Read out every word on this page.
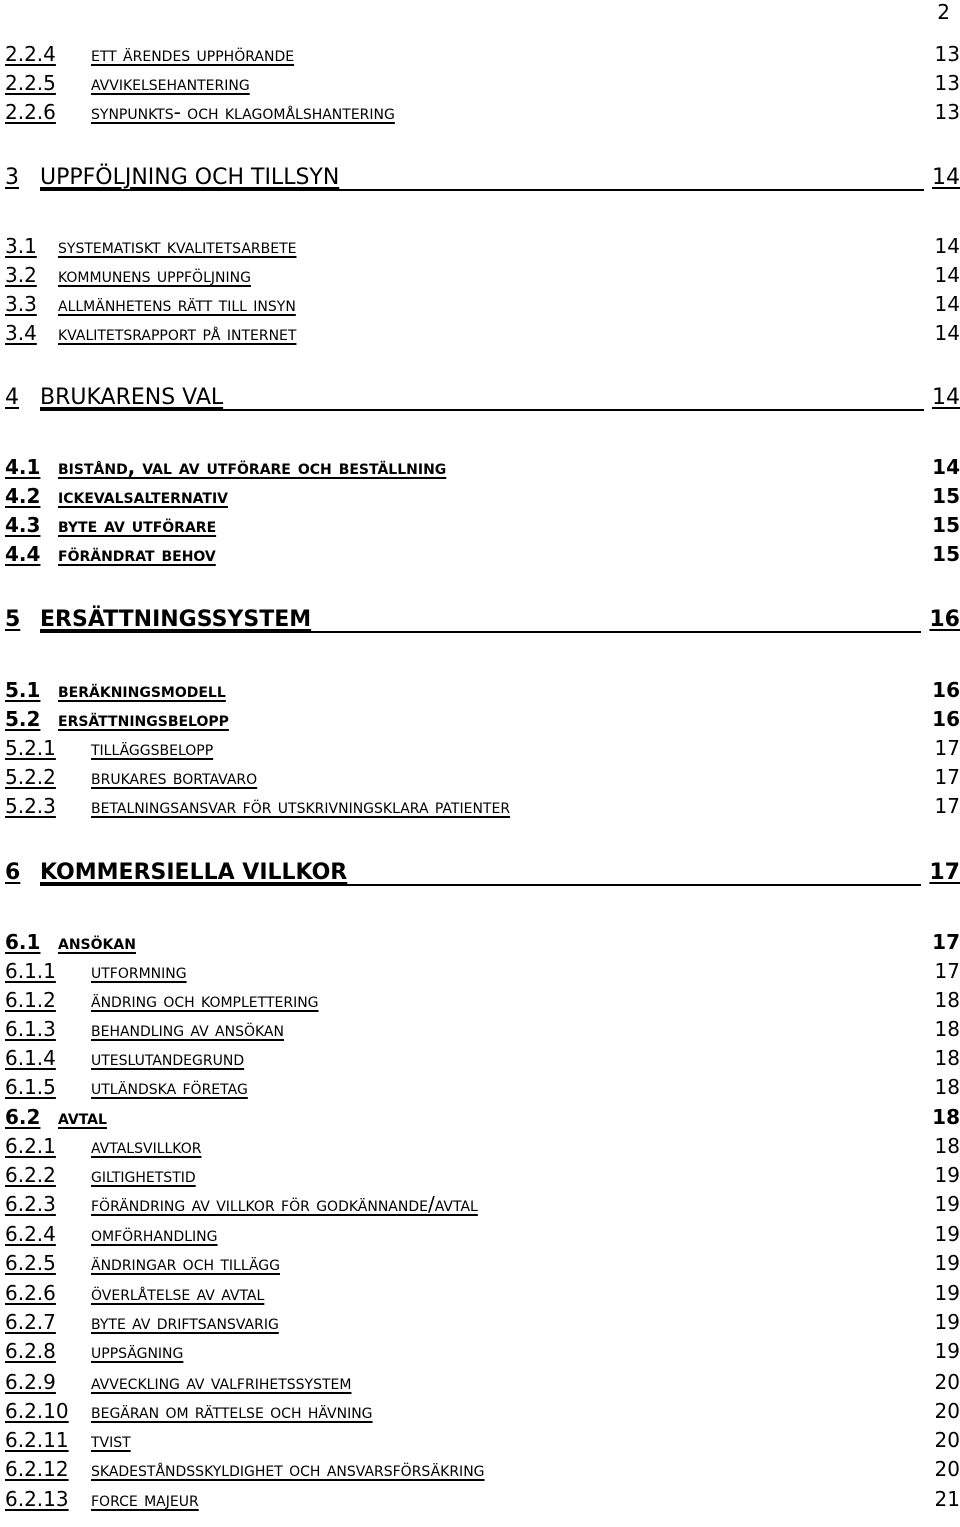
2
2.2.4	ett ärendes upphörande	13
2.2.5	avvikelsehantering	13
2.2.6	synpunkts- och klagomålshantering	13
3 UPPFÖLJNING OCH TILLSYN	14
3.1	systematiskt kvalitetsarbete	14
3.2	kommunens uppföljning	14
3.3	allmänhetens rätt till insyn	14
3.4	kvalitetsrapport på internet	14
4 BRUKARENS VAL	14
4.1 bistånd, val av utförare och beställning	14
4.2 ickevalsalternativ	15
4.3 byte av utförare	15
4.4 förändrat behov	15
5 ERSÄTTNINGSSYSTEM	16
5.1 beräkningsmodell	16
5.2 ersättningsbelopp	16
5.2.1	tilläggsbelopp	17
5.2.2	brukares bortavaro	17
5.2.3	betalningsansvar för utskrivningsklara patienter	17
6 KOMMERSIELLA VILLKOR	17
6.1 ansökan	17
6.1.1	utformning	17
6.1.2	ändring och komplettering	18
6.1.3	behandling av ansökan	18
6.1.4	uteslutandegrund	18
6.1.5	utländska företag	18
6.2 avtal	18
6.2.1	avtalsvillkor	18
6.2.2	giltighetstid	19
6.2.3	förändring av villkor för godkännande/avtal	19
6.2.4	omförhandling	19
6.2.5	ändringar och tillägg	19
6.2.6	överlåtelse av avtal	19
6.2.7	byte av driftsansvarig	19
6.2.8	uppsägning	19
6.2.9	avveckling av valfrihetssystem	20
6.2.10	begäran om rättelse och hävning	20
6.2.11	tvist	20
6.2.12	skadeståndsskyldighet och ansvarsförsäkring	20
6.2.13	force majeur	21
